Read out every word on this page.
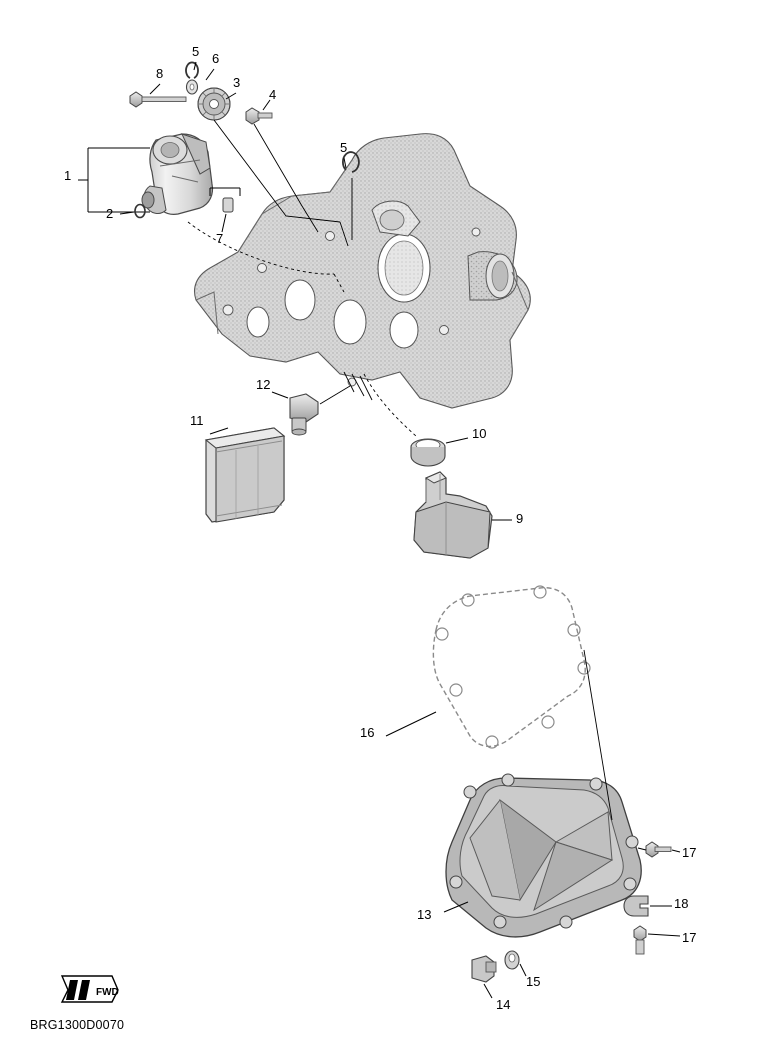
FWD
1
2
3
4
5 6
7
8
5
12
11
10
9
16
13
17
18
17
15
14
BRG1300D0070
